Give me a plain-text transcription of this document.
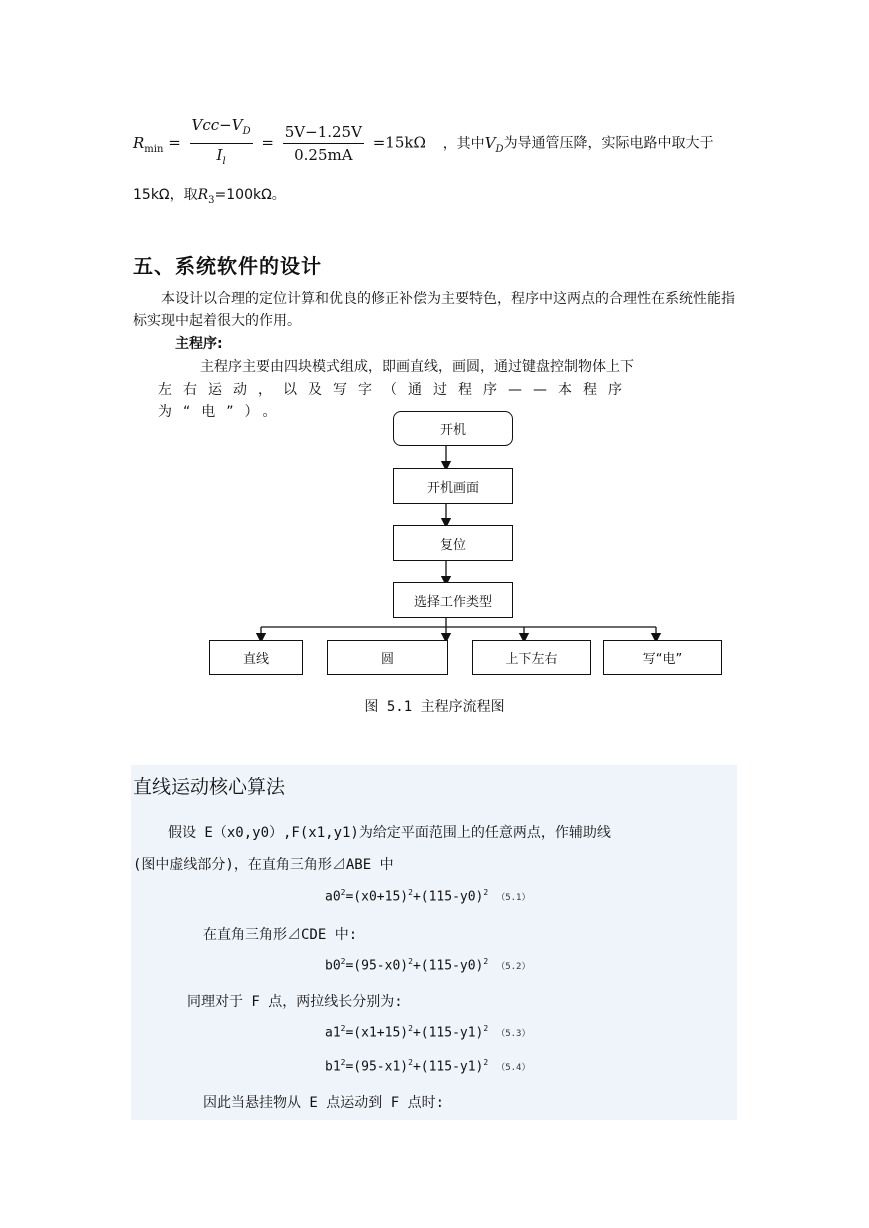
$R_{min} = \frac{Vcc-V_D}{I_l} = \frac{5V-1.25V}{0.25mA} =15k\Omega$ ，其中$V_D$为导通管压降，实际电路中取大于
15kΩ，取$R_3=100k\Omega$。
五、系统软件的设计
本设计以合理的定位计算和优良的修正补偿为主要特色，程序中这两点的合理性在系统性能指标实现中起着很大的作用。
主程序:
主程序主要由四块模式组成，即画直线，画圆，通过键盘控制物体上下
左右运动，以及写字（通过程序——本程序为“电”）。
开机
开机画面
复位
选择工作类型
直线	圆	上下左右	写“电”
图 5.1 主程序流程图
直线运动核心算法
假设 E（x0,y0）,F(x1,y1)为给定平面范围上的任意两点，作辅助线
(图中虚线部分)，在直角三角形⊿ABE 中
$a0^2=(x0+15)^2+(115-y0)^2(5.1)$
在直角三角形⊿CDE 中:
$b0^2=(95-x0)^2+(115-y0)^2(5.2)$
同理对于 F 点，两拉线长分别为:
$a1^2=(x1+15)^2+(115-y1)^2(5.3)$
$b1^2=(95-x1)^2+(115-y1)^2(5.4)$
因此当悬挂物从 E 点运动到 F 点时:
